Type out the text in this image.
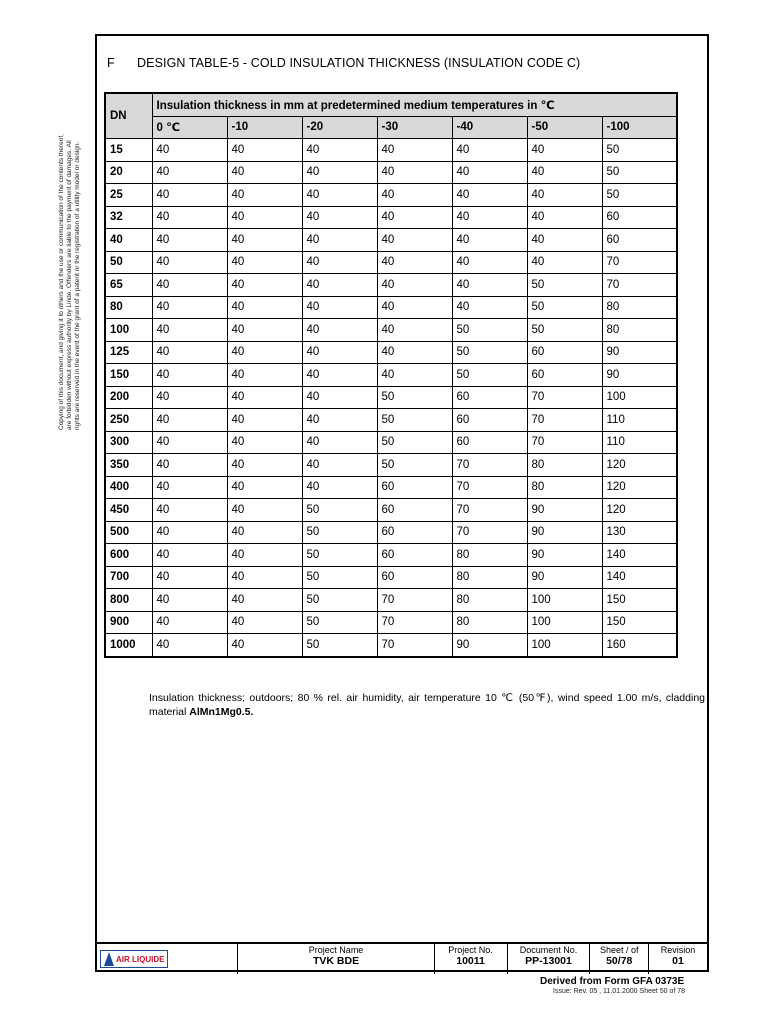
Copying of this document, and giving it to others and the use or communication of the contents thereof, are forbidden without express authority by Linde. Offenders are liable to the payment of damages. All rights are reserved in the event of the grant of a patent or the registration of a utility model or design.
F DESIGN TABLE-5 - COLD INSULATION THICKNESS (INSULATION CODE C)
DN	Insulation thickness in mm at predetermined medium temperatures in ℃						
	0 ℃	-10	-20	-30	-40	-50	-100
15	40	40	40	40	40	40	50
20	40	40	40	40	40	40	50
25	40	40	40	40	40	40	50
32	40	40	40	40	40	40	60
40	40	40	40	40	40	40	60
50	40	40	40	40	40	40	70
65	40	40	40	40	40	50	70
80	40	40	40	40	40	50	80
100	40	40	40	40	50	50	80
125	40	40	40	40	50	60	90
150	40	40	40	40	50	60	90
200	40	40	40	50	60	70	100
250	40	40	40	50	60	70	110
300	40	40	40	50	60	70	110
350	40	40	40	50	70	80	120
400	40	40	40	60	70	80	120
450	40	40	50	60	70	90	120
500	40	40	50	60	70	90	130
600	40	40	50	60	80	90	140
700	40	40	50	60	80	90	140
800	40	40	50	70	80	100	150
900	40	40	50	70	80	100	150
1000	40	40	50	70	90	100	160
Insulation thickness; outdoors; 80 % rel. air humidity, air temperature 10 ℃ (50℉), wind speed 1.00 m/s, cladding material AlMn1Mg0.5.
AIR LIQUIDE

Project Name
TVK BDE

Project No.
10011

Document No.
PP-13001

Sheet / of
50/78

Revision
01
Derived from Form GFA 0373E
Issue: Rev. 05 , 11.01.2000 Sheet 50 of 78
